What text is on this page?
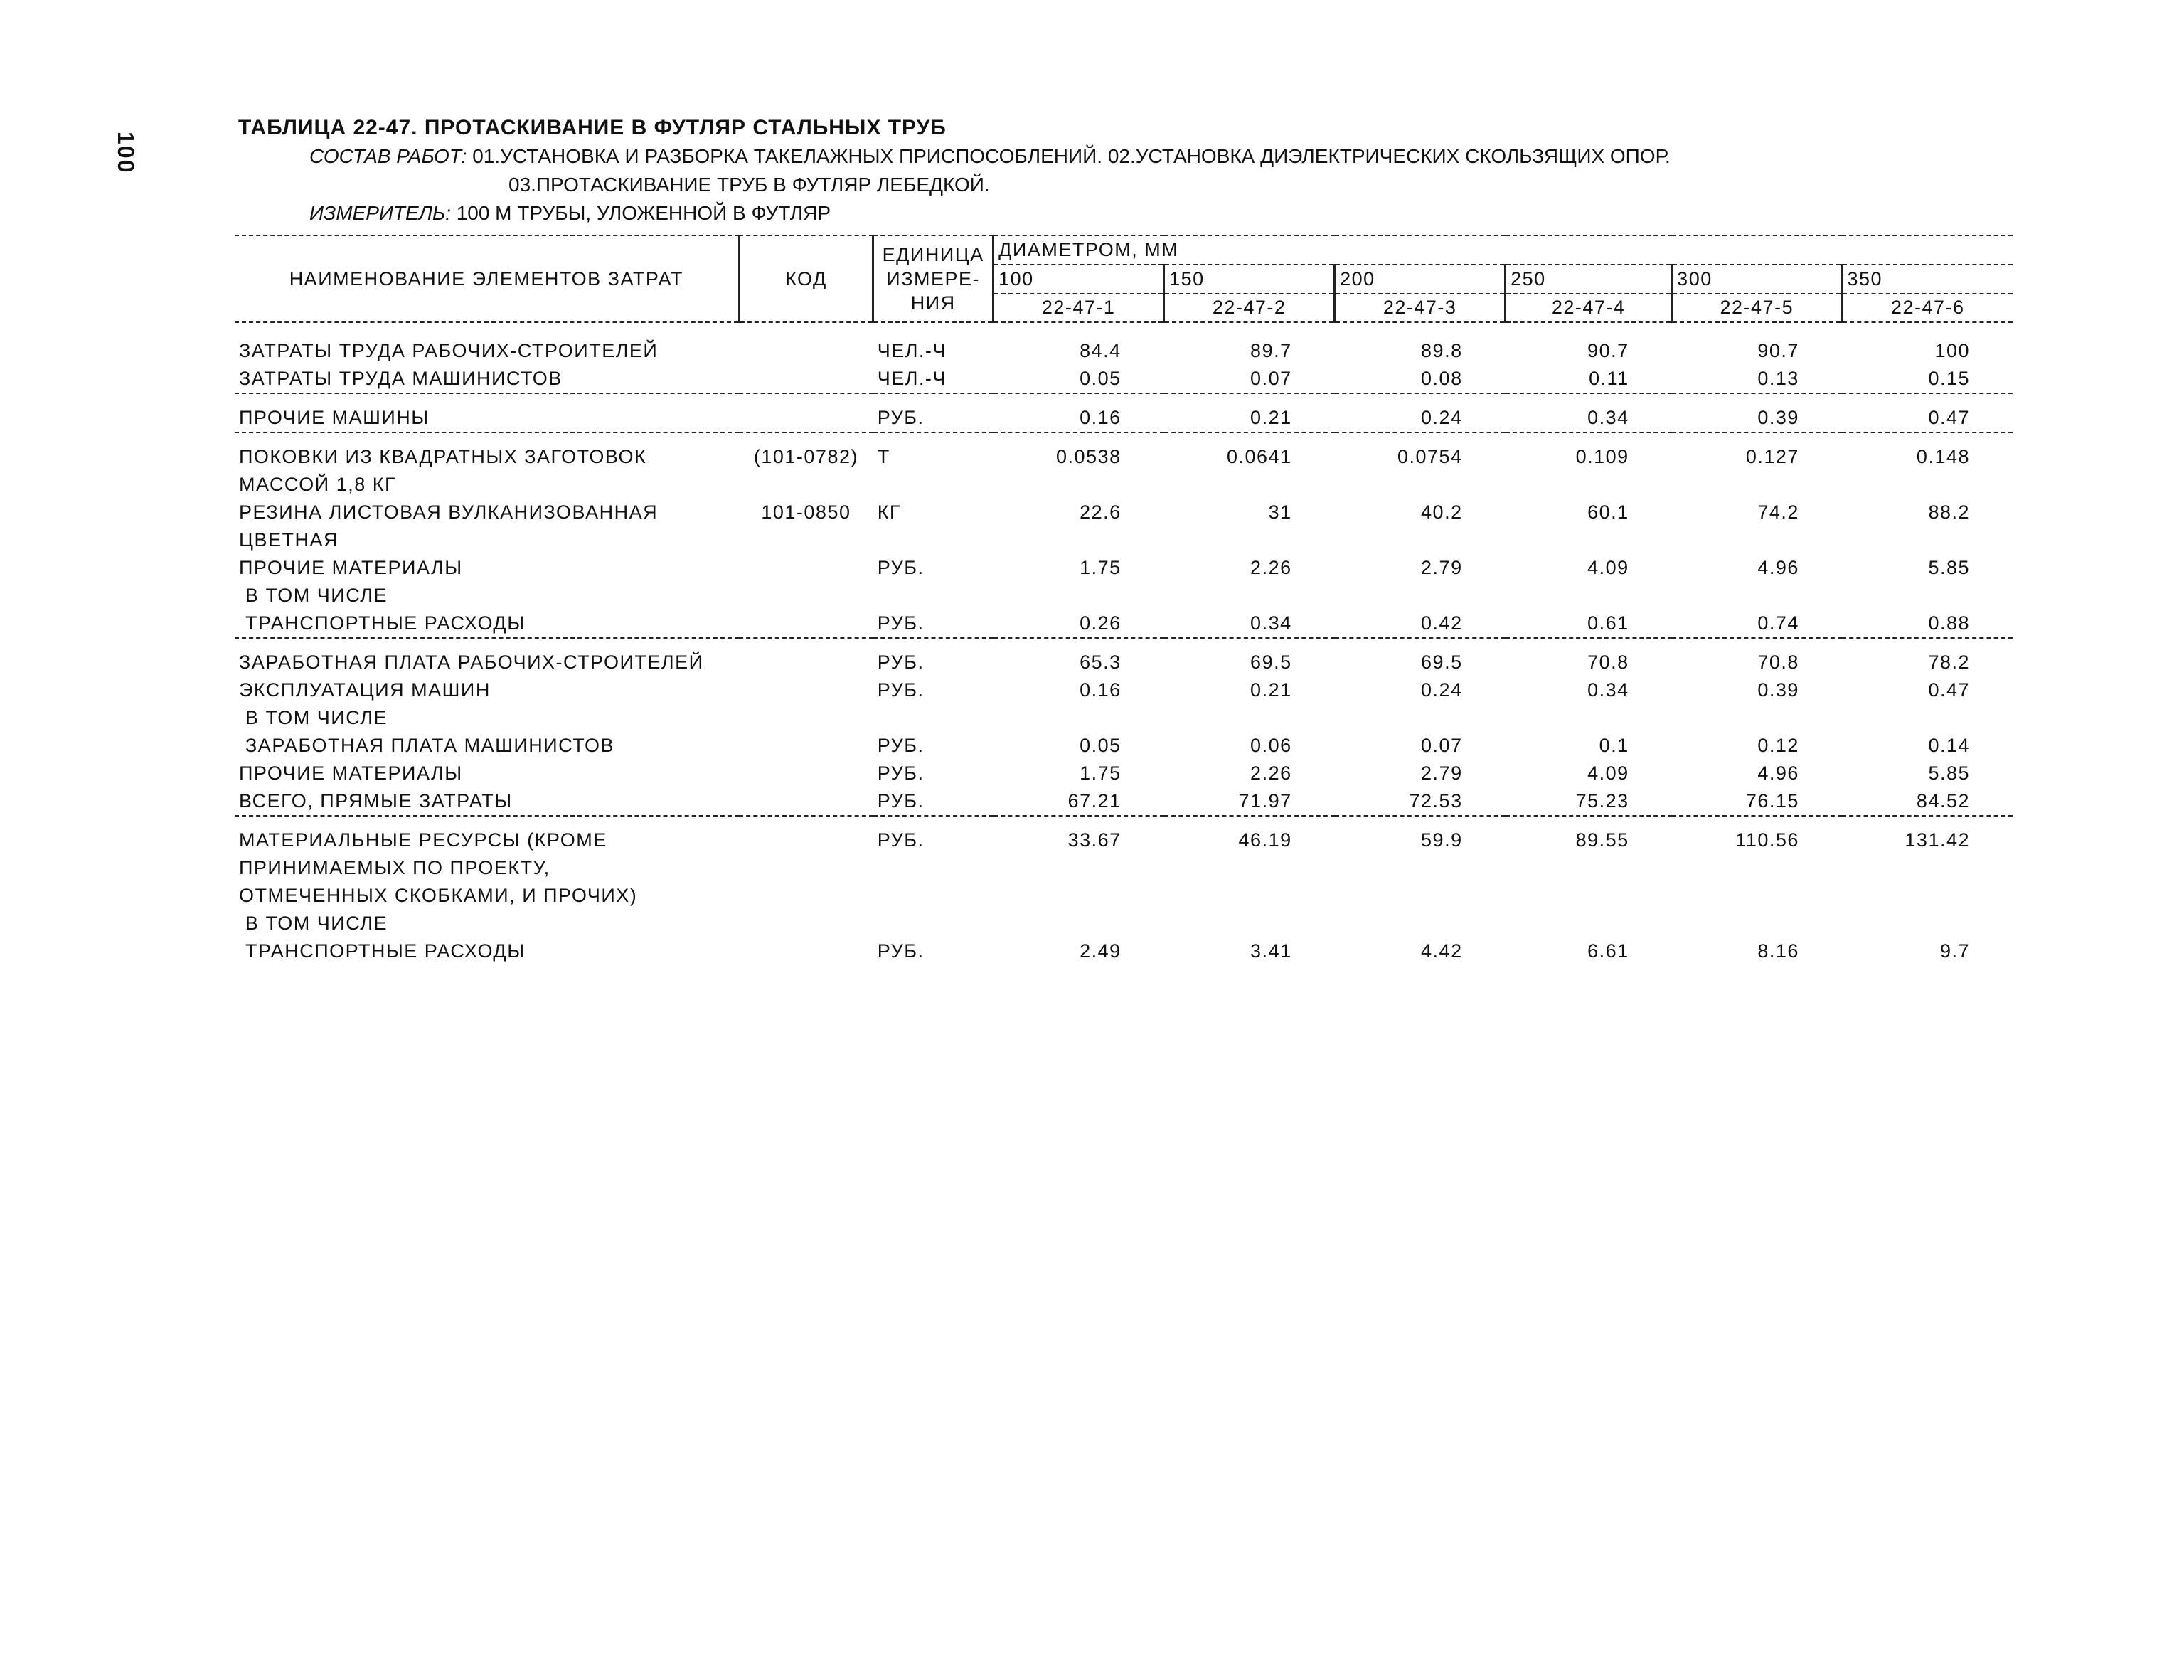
100
ТАБЛИЦА 22-47. ПРОТАСКИВАНИЕ В ФУТЛЯР СТАЛЬНЫХ ТРУБ
СОСТАВ РАБОТ: 01.УСТАНОВКА И РАЗБОРКА ТАКЕЛАЖНЫХ ПРИСПОСОБЛЕНИЙ. 02.УСТАНОВКА ДИЭЛЕКТРИЧЕСКИХ СКОЛЬЗЯЩИХ ОПОР.
03.ПРОТАСКИВАНИЕ ТРУБ В ФУТЛЯР ЛЕБЕДКОЙ.
ИЗМЕРИТЕЛЬ: 100 М ТРУБЫ, УЛОЖЕННОЙ В ФУТЛЯР

НАИМЕНОВАНИЕ ЭЛЕМЕНТОВ ЗАТРАТ	КОД	ЕДИНИЦА
ИЗМЕРЕ-
НИЯ	ДИАМЕТРОМ, ММ					
			100	150	200	250	300	350

			22-47-1	22-47-2	22-47-3	22-47-4	22-47-5	22-47-6

ЗАТРАТЫ ТРУДА РАБОЧИХ-СТРОИТЕЛЕЙ		ЧЕЛ.-Ч	84.4	89.7	89.8	90.7	90.7	100
ЗАТРАТЫ ТРУДА МАШИНИСТОВ		ЧЕЛ.-Ч	0.05	0.07	0.08	0.11	0.13	0.15

ПРОЧИЕ МАШИНЫ		РУБ.	0.16	0.21	0.24	0.34	0.39	0.47

ПОКОВКИ ИЗ КВАДРАТНЫХ ЗАГОТОВОК	(101-0782)	Т	0.0538	0.0641	0.0754	0.109	0.127	0.148
МАССОЙ 1,8 КГ								
РЕЗИНА ЛИСТОВАЯ ВУЛКАНИЗОВАННАЯ	101-0850	КГ	22.6	31	40.2	60.1	74.2	88.2
ЦВЕТНАЯ								
ПРОЧИЕ МАТЕРИАЛЫ		РУБ.	1.75	2.26	2.79	4.09	4.96	5.85
В ТОМ ЧИСЛЕ								
ТРАНСПОРТНЫЕ РАСХОДЫ		РУБ.	0.26	0.34	0.42	0.61	0.74	0.88

ЗАРАБОТНАЯ ПЛАТА РАБОЧИХ-СТРОИТЕЛЕЙ		РУБ.	65.3	69.5	69.5	70.8	70.8	78.2
ЭКСПЛУАТАЦИЯ МАШИН		РУБ.	0.16	0.21	0.24	0.34	0.39	0.47
В ТОМ ЧИСЛЕ								
ЗАРАБОТНАЯ ПЛАТА МАШИНИСТОВ		РУБ.	0.05	0.06	0.07	0.1	0.12	0.14
ПРОЧИЕ МАТЕРИАЛЫ		РУБ.	1.75	2.26	2.79	4.09	4.96	5.85
ВСЕГО, ПРЯМЫЕ ЗАТРАТЫ		РУБ.	67.21	71.97	72.53	75.23	76.15	84.52

МАТЕРИАЛЬНЫЕ РЕСУРСЫ (КРОМЕ		РУБ.	33.67	46.19	59.9	89.55	110.56	131.42
ПРИНИМАЕМЫХ ПО ПРОЕКТУ,								
ОТМЕЧЕННЫХ СКОБКАМИ, И ПРОЧИХ)								
В ТОМ ЧИСЛЕ								
ТРАНСПОРТНЫЕ РАСХОДЫ		РУБ.	2.49	3.41	4.42	6.61	8.16	9.7
